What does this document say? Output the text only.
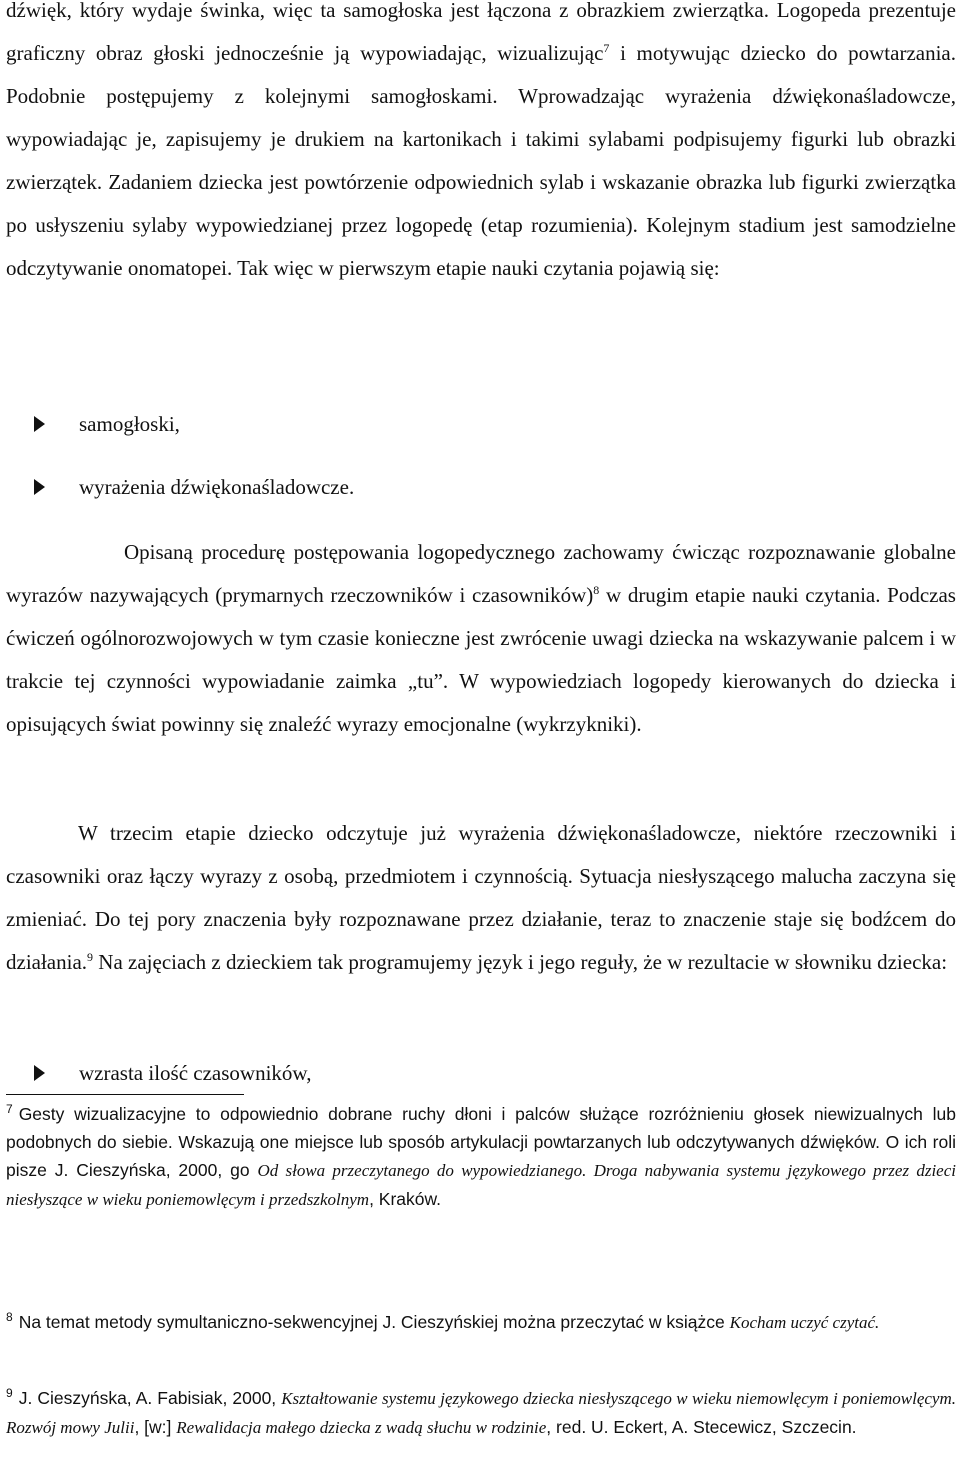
dźwięk, który wydaje świnka, więc ta samogłoska jest łączona z obrazkiem zwierzątka. Logopeda prezentuje graficzny obraz głoski jednocześnie ją wypowiadając, wizualizując$^7$ i motywując dziecko do powtarzania. Podobnie postępujemy z kolejnymi samogłoskami. Wprowadzając wyrażenia dźwiękonaśladowcze, wypowiadając je, zapisujemy je drukiem na kartonikach i takimi sylabami podpisujemy figurki lub obrazki zwierzątek. Zadaniem dziecka jest powtórzenie odpowiednich sylab i wskazanie obrazka lub figurki zwierzątka po usłyszeniu sylaby wypowiedzianej przez logopedę (etap rozumienia). Kolejnym stadium jest samodzielne odczytywanie onomatopei. Tak więc w pierwszym etapie nauki czytania pojawią się:

samogłoski,
wyrażenia dźwiękonaśladowcze.

Opisaną procedurę postępowania logopedycznego zachowamy ćwicząc rozpoznawanie globalne wyrazów nazywających (prymarnych rzeczowników i czasowników)$^8$ w drugim etapie nauki czytania. Podczas ćwiczeń ogólnorozwojowych w tym czasie konieczne jest zwrócenie uwagi dziecka na wskazywanie palcem i w trakcie tej czynności wypowiadanie zaimka „tu”. W wypowiedziach logopedy kierowanych do dziecka i opisujących świat powinny się znaleźć wyrazy emocjonalne (wykrzykniki).

W trzecim etapie dziecko odczytuje już wyrażenia dźwiękonaśladowcze, niektóre rzeczowniki i czasowniki oraz łączy wyrazy z osobą, przedmiotem i czynnością. Sytuacja niesłyszącego malucha zaczyna się zmieniać. Do tej pory znaczenia były rozpoznawane przez działanie, teraz to znaczenie staje się bodźcem do działania.$^9$ Na zajęciach z dzieckiem tak programujemy język i jego reguły, że w rezultacie w słowniku dziecka:

wzrasta ilość czasowników,

$^7$ Gesty wizualizacyjne to odpowiednio dobrane ruchy dłoni i palców służące rozróżnieniu głosek niewizualnych lub podobnych do siebie. Wskazują one miejsce lub sposób artykulacji powtarzanych lub odczytywanych dźwięków. O ich roli pisze J. Cieszyńska, 2000, go Od słowa przeczytanego do wypowiedzianego. Droga nabywania systemu językowego przez dzieci niesłyszące w wieku poniemowlęcym i przedszkolnym, Kraków.

$^8$ Na temat metody symultaniczno-sekwencyjnej J. Cieszyńskiej można przeczytać w książce Kocham uczyć czytać.

$^9$ J. Cieszyńska, A. Fabisiak, 2000, Kształtowanie systemu językowego dziecka niesłyszącego w wieku niemowlęcym i poniemowlęcym. Rozwój mowy Julii, [w:] Rewalidacja małego dziecka z wadą słuchu w rodzinie, red. U. Eckert, A. Stecewicz, Szczecin.
